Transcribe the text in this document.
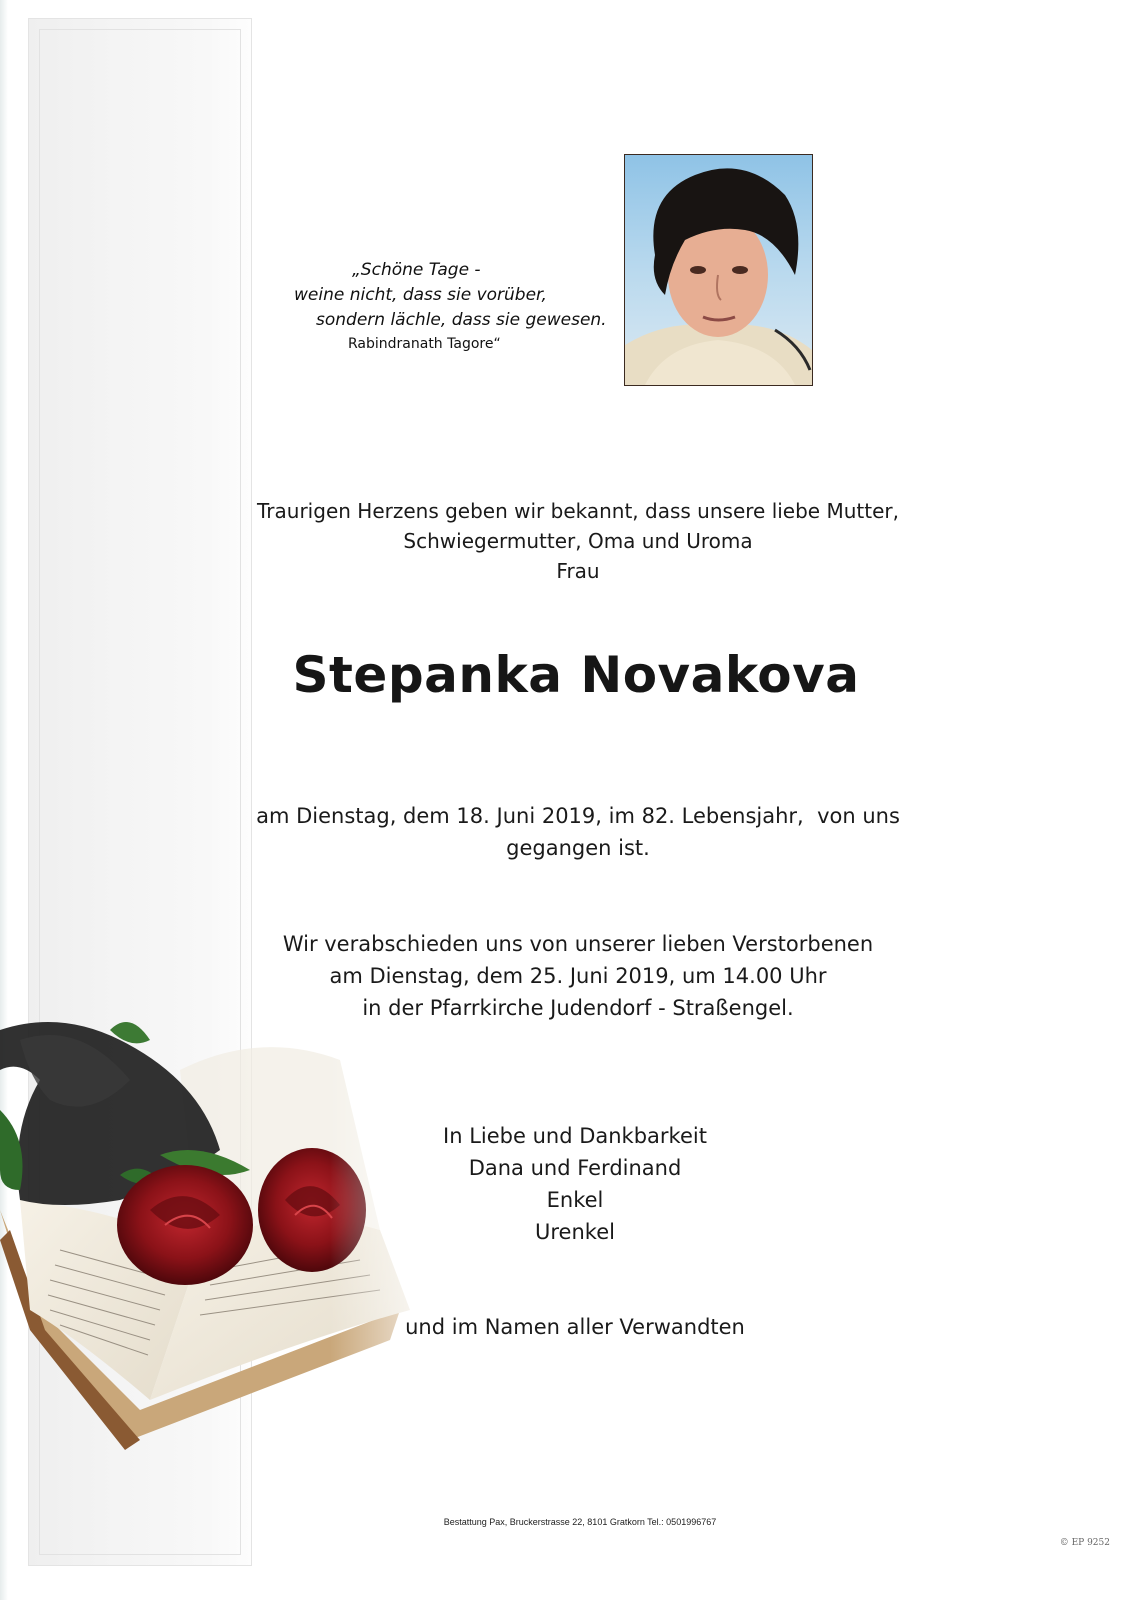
„Schöne Tage -
weine nicht, dass sie vorüber,
sondern lächle, dass sie gewesen.
Rabindranath Tagore“
Traurigen Herzens geben wir bekannt, dass unsere liebe Mutter,
Schwiegermutter, Oma und Uroma
Frau
Stepanka Novakova
am Dienstag, dem 18. Juni 2019, im 82. Lebensjahr,  von uns
gegangen ist.
Wir verabschieden uns von unserer lieben Verstorbenen
am Dienstag, dem 25. Juni 2019, um 14.00 Uhr
in der Pfarrkirche Judendorf - Straßengel.
In Liebe und Dankbarkeit
Dana und Ferdinand
Enkel
Urenkel
und im Namen aller Verwandten
Bestattung Pax, Bruckerstrasse 22, 8101 Gratkorn Tel.: 0501996767
© EP 9252
